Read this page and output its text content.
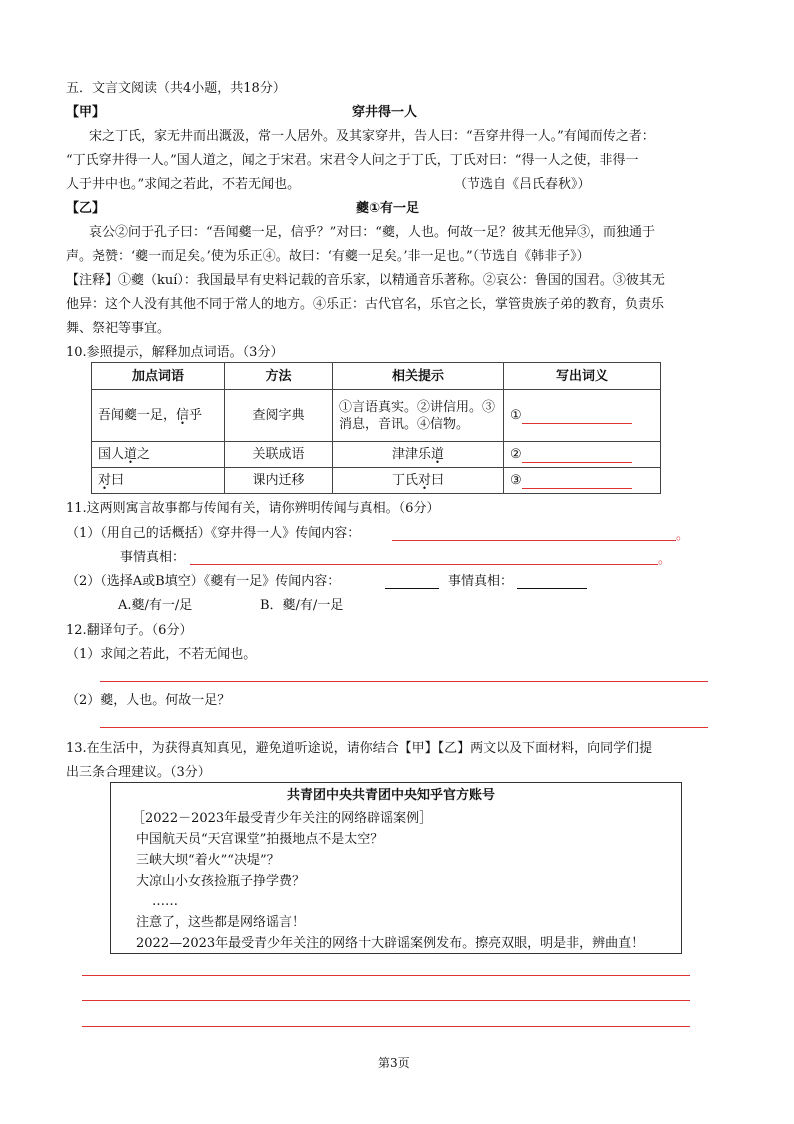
五．文言文阅读（共4小题，共18分）
【甲】	穿井得一人
宋之丁氏，家无井而出溉汲，常一人居外。及其家穿井，告人曰：“吾穿井得一人。”有闻而传之者：
“丁氏穿井得一人。”国人道之，闻之于宋君。宋君令人问之于丁氏，丁氏对曰：“得一人之使，非得一
人于井中也。”求闻之若此，不若无闻也。	（节选自《吕氏春秋》）
【乙】	夔①有一足
哀公②问于孔子曰：“吾闻夔一足，信乎？”对曰：“夔，人也。何故一足？彼其无他异③，而独通于
声。尧赞：‘夔一而足矣。’使为乐正④。故曰：‘有夔一足矣。’非一足也。”（节选自《韩非子》）
【注释】①夔（kuí）：我国最早有史料记载的音乐家，以精通音乐著称。②哀公：鲁国的国君。③彼其无
他异：这个人没有其他不同于常人的地方。④乐正：古代官名，乐官之长，掌管贵族子弟的教育，负责乐
舞、祭祀等事宜。
10.参照提示，解释加点词语。（3分）
加点词语	方法	相关提示	写出词义
吾闻夔一足，信乎	查阅字典	①言语真实。②讲信用。③消息，音讯。④信物。	①
国人道之	关联成语	津津乐道	②
对曰	课内迁移	丁氏对曰	③
11.这两则寓言故事都与传闻有关，请你辨明传闻与真相。（6分）
（1）（用自己的话概括）《穿井得一人》传闻内容：	。
事情真相：	。
（2）（选择A或B填空）《夔有一足》传闻内容：	事情真相：
A.夔/有一/足	B．夔/有/一足
12.翻译句子。（6分）
（1）求闻之若此，不若无闻也。
（2）夔，人也。何故一足？
13.在生活中，为获得真知真见，避免道听途说，请你结合【甲】【乙】两文以及下面材料，向同学们提
出三条合理建议。（3分）
共青团中央共青团中央知乎官方账号
［2022－2023年最受青少年关注的网络辟谣案例］
中国航天员“天宫课堂”拍摄地点不是太空？
三峡大坝“着火”“决堤”？
大凉山小女孩捡瓶子挣学费？
……
注意了，这些都是网络谣言！
2022—2023年最受青少年关注的网络十大辟谣案例发布。擦亮双眼，明是非，辨曲直！
第3页
